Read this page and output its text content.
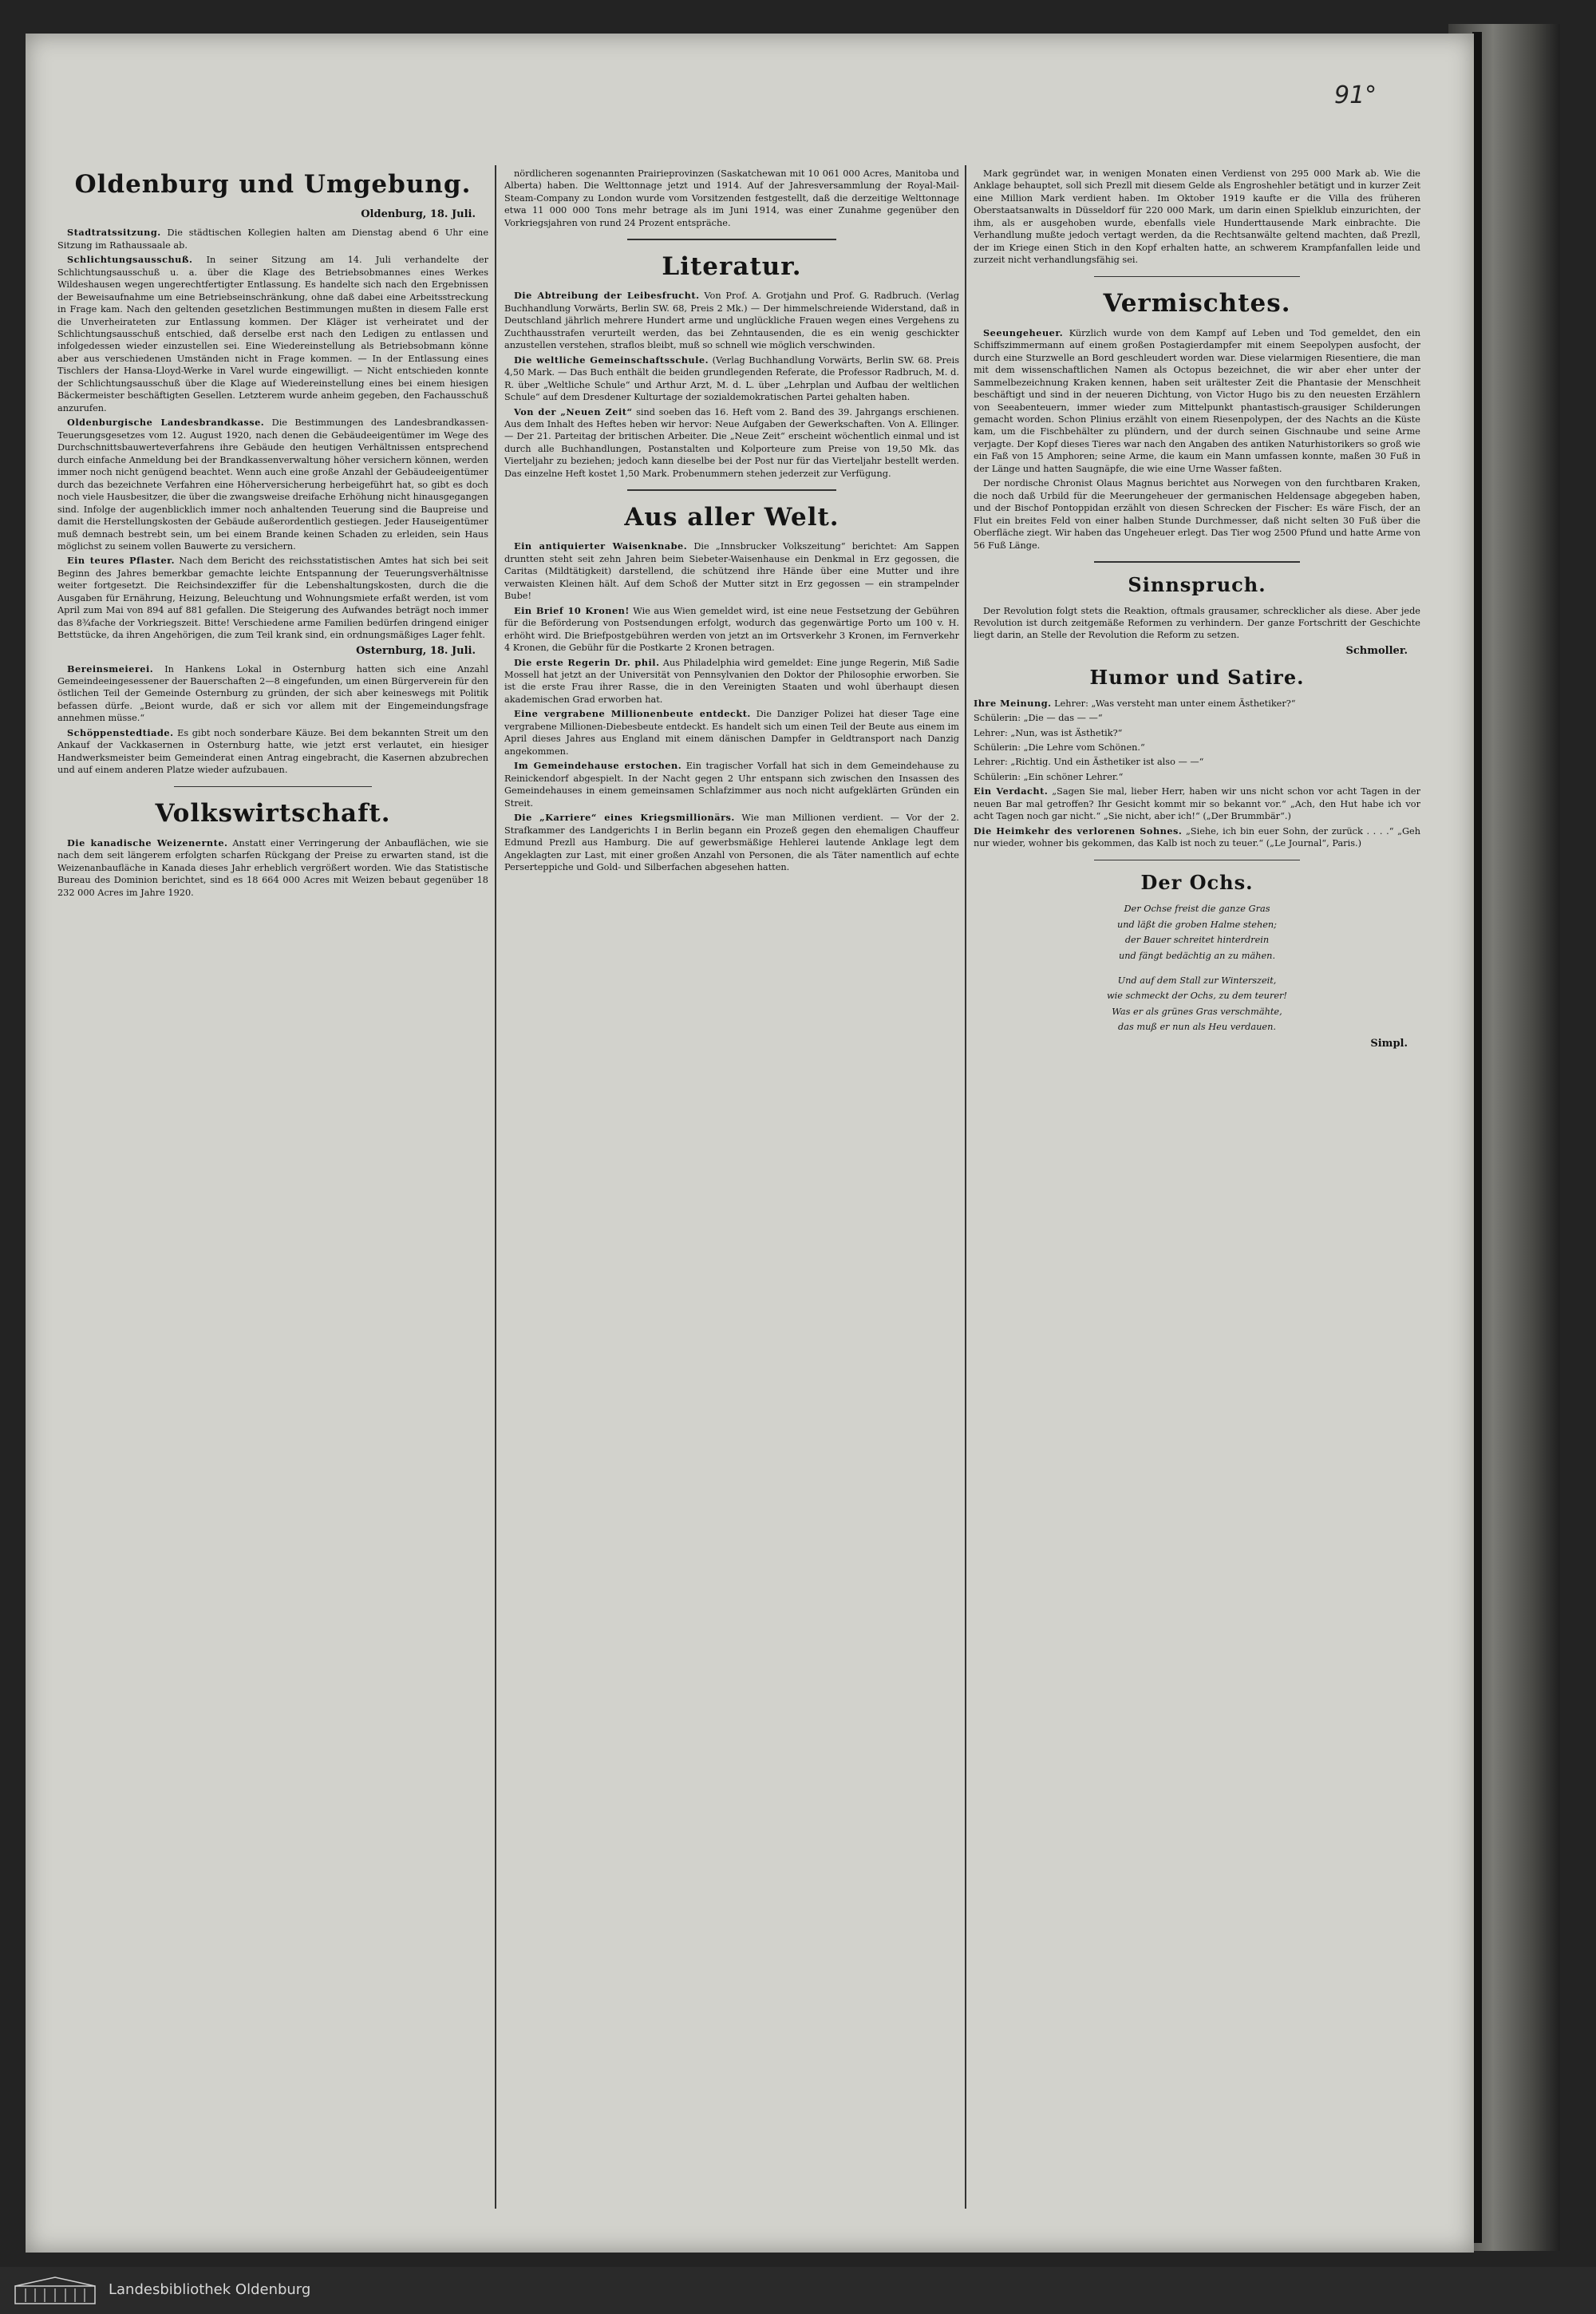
91°
Oldenburg und Umgebung.
Oldenburg, 18. Juli.

Stadtratssitzung. Die städtischen Kollegien halten am Dienstag abend 6 Uhr eine Sitzung im Rathaussaale ab.

Schlichtungsausschuß. In seiner Sitzung am 14. Juli verhandelte der Schlichtungsausschuß u. a. über die Klage des Betriebsobmannes eines Werkes Wildeshausen wegen ungerechtfertigter Entlassung. Es handelte sich nach den Ergebnissen der Beweisaufnahme um eine Betriebseinschränkung, ohne daß dabei eine Arbeitsstreckung in Frage kam. Nach den geltenden gesetzlichen Bestimmungen mußten in diesem Falle erst die Unverheirateten zur Entlassung kommen. Der Kläger ist verheiratet und der Schlichtungsausschuß entschied, daß derselbe erst nach den Ledigen zu entlassen und infolgedessen wieder einzustellen sei. Eine Wiedereinstellung als Betriebsobmann könne aber aus verschiedenen Umständen nicht in Frage kommen. — In der Entlassung eines Tischlers der Hansa-Lloyd-Werke in Varel wurde eingewilligt. — Nicht entschieden konnte der Schlichtungsausschuß über die Klage auf Wiedereinstellung eines bei einem hiesigen Bäckermeister beschäftigten Gesellen. Letzterem wurde anheim gegeben, den Fachausschuß anzurufen.

Oldenburgische Landesbrandkasse. Die Bestimmungen des Landesbrandkassen-Teuerungsgesetzes vom 12. August 1920, nach denen die Gebäudeeigentümer im Wege des Durchschnittsbauwerteverfahrens ihre Gebäude den heutigen Verhältnissen entsprechend durch einfache Anmeldung bei der Brandkassenverwaltung höher versichern können, werden immer noch nicht genügend beachtet. Wenn auch eine große Anzahl der Gebäudeeigentümer durch das bezeichnete Verfahren eine Höherversicherung herbeigeführt hat, so gibt es doch noch viele Hausbesitzer, die über die zwangsweise dreifache Erhöhung nicht hinausgegangen sind. Infolge der augenblicklich immer noch anhaltenden Teuerung sind die Baupreise und damit die Herstellungskosten der Gebäude außerordentlich gestiegen. Jeder Hauseigentümer muß demnach bestrebt sein, um bei einem Brande keinen Schaden zu erleiden, sein Haus möglichst zu seinem vollen Bauwerte zu versichern.

Ein teures Pflaster. Nach dem Bericht des reichsstatistischen Amtes hat sich bei seit Beginn des Jahres bemerkbar gemachte leichte Entspannung der Teuerungsverhältnisse weiter fortgesetzt. Die Reichsindexziffer für die Lebenshaltungskosten, durch die die Ausgaben für Ernährung, Heizung, Beleuchtung und Wohnungsmiete erfaßt werden, ist vom April zum Mai von 894 auf 881 gefallen. Die Steigerung des Aufwandes beträgt noch immer das 8¾fache der Vorkriegszeit. Bitte! Verschiedene arme Familien bedürfen dringend einiger Bettstücke, da ihren Angehörigen, die zum Teil krank sind, ein ordnungsmäßiges Lager fehlt.

Osternburg, 18. Juli.

Bereinsmeierei. In Hankens Lokal in Osternburg hatten sich eine Anzahl Gemeindeeingesessener der Bauerschaften 2—8 eingefunden, um einen Bürgerverein für den östlichen Teil der Gemeinde Osternburg zu gründen, der sich aber keineswegs mit Politik befassen dürfe. „Beiont wurde, daß er sich vor allem mit der Eingemeindungsfrage annehmen müsse.“

Schöppenstedtiade. Es gibt noch sonderbare Käuze. Bei dem bekannten Streit um den Ankauf der Vackkasernen in Osternburg hatte, wie jetzt erst verlautet, ein hiesiger Handwerksmeister beim Gemeinderat einen Antrag eingebracht, die Kasernen abzubrechen und auf einem anderen Platze wieder aufzubauen.

Volkswirtschaft.

Die kanadische Weizenernte. Anstatt einer Verringerung der Anbauflächen, wie sie nach dem seit längerem erfolgten scharfen Rückgang der Preise zu erwarten stand, ist die Weizenanbaufläche in Kanada dieses Jahr erheblich vergrößert worden. Wie das Statistische Bureau des Dominion berichtet, sind es 18 664 000 Acres mit Weizen bebaut gegenüber 18 232 000 Acres im Jahre 1920.

nördlicheren sogenannten Prairieprovinzen (Saskatchewan mit 10 061 000 Acres, Manitoba und Alberta) haben. Die Welttonnage jetzt und 1914. Auf der Jahresversammlung der Royal-Mail-Steam-Company zu London wurde vom Vorsitzenden festgestellt, daß die derzeitige Welttonnage etwa 11 000 000 Tons mehr betrage als im Juni 1914, was einer Zunahme gegenüber den Vorkriegsjahren von rund 24 Prozent entspräche.

Literatur.

Die Abtreibung der Leibesfrucht. Von Prof. A. Grotjahn und Prof. G. Radbruch. (Verlag Buchhandlung Vorwärts, Berlin SW. 68, Preis 2 Mk.) — Der himmelschreiende Widerstand, daß in Deutschland jährlich mehrere Hundert arme und unglückliche Frauen wegen eines Vergehens zu Zuchthausstrafen verurteilt werden, das bei Zehntausenden, die es ein wenig geschickter anzustellen verstehen, straflos bleibt, muß so schnell wie möglich verschwinden.

Die weltliche Gemeinschaftsschule. (Verlag Buchhandlung Vorwärts, Berlin SW. 68. Preis 4,50 Mark. — Das Buch enthält die beiden grundlegenden Referate, die Professor Radbruch, M. d. R. über „Weltliche Schule“ und Arthur Arzt, M. d. L. über „Lehrplan und Aufbau der weltlichen Schule“ auf dem Dresdener Kulturtage der sozialdemokratischen Partei gehalten haben.

Von der „Neuen Zeit“ sind soeben das 16. Heft vom 2. Band des 39. Jahrgangs erschienen. Aus dem Inhalt des Heftes heben wir hervor: Neue Aufgaben der Gewerkschaften. Von A. Ellinger. — Der 21. Parteitag der britischen Arbeiter. Die „Neue Zeit“ erscheint wöchentlich einmal und ist durch alle Buchhandlungen, Postanstalten und Kolporteure zum Preise von 19,50 Mk. das Vierteljahr zu beziehen; jedoch kann dieselbe bei der Post nur für das Vierteljahr bestellt werden. Das einzelne Heft kostet 1,50 Mark. Probenummern stehen jederzeit zur Verfügung.

Aus aller Welt.

Ein antiquierter Waisenknabe. Die „Innsbrucker Volkszeitung“ berichtet: Am Sappen druntten steht seit zehn Jahren beim Siebeter-Waisenhause ein Denkmal in Erz gegossen, die Caritas (Mildtätigkeit) darstellend, die schützend ihre Hände über eine Mutter und ihre verwaisten Kleinen hält. Auf dem Schoß der Mutter sitzt in Erz gegossen — ein strampelnder Bube!

Ein Brief 10 Kronen! Wie aus Wien gemeldet wird, ist eine neue Festsetzung der Gebühren für die Beförderung von Postsendungen erfolgt, wodurch das gegenwärtige Porto um 100 v. H. erhöht wird. Die Briefpostgebühren werden von jetzt an im Ortsverkehr 3 Kronen, im Fernverkehr 4 Kronen, die Gebühr für die Postkarte 2 Kronen betragen.

Die erste Regerin Dr. phil. Aus Philadelphia wird gemeldet: Eine junge Regerin, Miß Sadie Mossell hat jetzt an der Universität von Pennsylvanien den Doktor der Philosophie erworben. Sie ist die erste Frau ihrer Rasse, die in den Vereinigten Staaten und wohl überhaupt diesen akademischen Grad erworben hat.

Eine vergrabene Millionenbeute entdeckt. Die Danziger Polizei hat dieser Tage eine vergrabene Millionen-Diebesbeute entdeckt. Es handelt sich um einen Teil der Beute aus einem im April dieses Jahres aus England mit einem dänischen Dampfer in Geldtransport nach Danzig angekommen.

Im Gemeindehause erstochen. Ein tragischer Vorfall hat sich in dem Gemeindehause zu Reinickendorf abgespielt. In der Nacht gegen 2 Uhr entspann sich zwischen den Insassen des Gemeindehauses in einem gemeinsamen Schlafzimmer aus noch nicht aufgeklärten Gründen ein Streit.

Die „Karriere“ eines Kriegsmillionärs. Wie man Millionen verdient. — Vor der 2. Strafkammer des Landgerichts I in Berlin begann ein Prozeß gegen den ehemaligen Chauffeur Edmund Prezll aus Hamburg. Die auf gewerbsmäßige Hehlerei lautende Anklage legt dem Angeklagten zur Last, mit einer großen Anzahl von Personen, die als Täter namentlich auf echte Perserteppiche und Gold- und Silberfachen abgesehen hatten.

Mark gegründet war, in wenigen Monaten einen Verdienst von 295 000 Mark ab. Wie die Anklage behauptet, soll sich Prezll mit diesem Gelde als Engroshehler betätigt und in kurzer Zeit eine Million Mark verdient haben. Im Oktober 1919 kaufte er die Villa des früheren Oberstaatsanwalts in Düsseldorf für 220 000 Mark, um darin einen Spielklub einzurichten, der ihm, als er ausgehoben wurde, ebenfalls viele Hunderttausende Mark einbrachte. Die Verhandlung mußte jedoch vertagt werden, da die Rechtsanwälte geltend machten, daß Prezll, der im Kriege einen Stich in den Kopf erhalten hatte, an schwerem Krampfanfallen leide und zurzeit nicht verhandlungsfähig sei.

Vermischtes.

Seeungeheuer. Kürzlich wurde von dem Kampf auf Leben und Tod gemeldet, den ein Schiffszimmermann auf einem großen Postagierdampfer mit einem Seepolypen ausfocht, der durch eine Sturzwelle an Bord geschleudert worden war. Diese vielarmigen Riesentiere, die man mit dem wissenschaftlichen Namen als Octopus bezeichnet, die wir aber eher unter der Sammelbezeichnung Kraken kennen, haben seit urältester Zeit die Phantasie der Menschheit beschäftigt und sind in der neueren Dichtung, von Victor Hugo bis zu den neuesten Erzählern von Seeabenteuern, immer wieder zum Mittelpunkt phantastisch-grausiger Schilderungen gemacht worden. Schon Plinius erzählt von einem Riesenpolypen, der des Nachts an die Küste kam, um die Fischbehälter zu plündern, und der durch seinen Gischnaube und seine Arme verjagte. Der Kopf dieses Tieres war nach den Angaben des antiken Naturhistorikers so groß wie ein Faß von 15 Amphoren; seine Arme, die kaum ein Mann umfassen konnte, maßen 30 Fuß in der Länge und hatten Saugnäpfe, die wie eine Urne Wasser faßten.

Der nordische Chronist Olaus Magnus berichtet aus Norwegen von den furchtbaren Kraken, die noch daß Urbild für die Meerungeheuer der germanischen Heldensage abgegeben haben, und der Bischof Pontoppidan erzählt von diesen Schrecken der Fischer: Es wäre Fisch, der an Flut ein breites Feld von einer halben Stunde Durchmesser, daß nicht selten 30 Fuß über die Oberfläche ziegt. Wir haben das Ungeheuer erlegt. Das Tier wog 2500 Pfund und hatte Arme von 56 Fuß Länge.

Sinnspruch.

Der Revolution folgt stets die Reaktion, oftmals grausamer, schrecklicher als diese. Aber jede Revolution ist durch zeitgemäße Reformen zu verhindern. Der ganze Fortschritt der Geschichte liegt darin, an Stelle der Revolution die Reform zu setzen.

Schmoller.
Humor und Satire.

Ihre Meinung. Lehrer: „Was versteht man unter einem Ästhetiker?“

Schülerin: „Die — das — —“

Lehrer: „Nun, was ist Ästhetik?“

Schülerin: „Die Lehre vom Schönen.“

Lehrer: „Richtig. Und ein Ästhetiker ist also — —“

Schülerin: „Ein schöner Lehrer.“

Ein Verdacht. „Sagen Sie mal, lieber Herr, haben wir uns nicht schon vor acht Tagen in der neuen Bar mal getroffen? Ihr Gesicht kommt mir so bekannt vor.“ „Ach, den Hut habe ich vor acht Tagen noch gar nicht.“ „Sie nicht, aber ich!“ („Der Brummbär“.)

Die Heimkehr des verlorenen Sohnes. „Siehe, ich bin euer Sohn, der zurück . . . .“ „Geh nur wieder, wohner bis gekommen, das Kalb ist noch zu teuer.“ („Le Journal“, Paris.)

Der Ochs.
Der Ochse freist die ganze Gras
und läßt die groben Halme stehen;
der Bauer schreitet hinterdrein
und fängt bedächtig an zu mähen.
Und auf dem Stall zur Winterszeit,
wie schmeckt der Ochs, zu dem teurer!
Was er als grünes Gras verschmähte,
das muß er nun als Heu verdauen.
Simpl.
Landesbibliothek Oldenburg
